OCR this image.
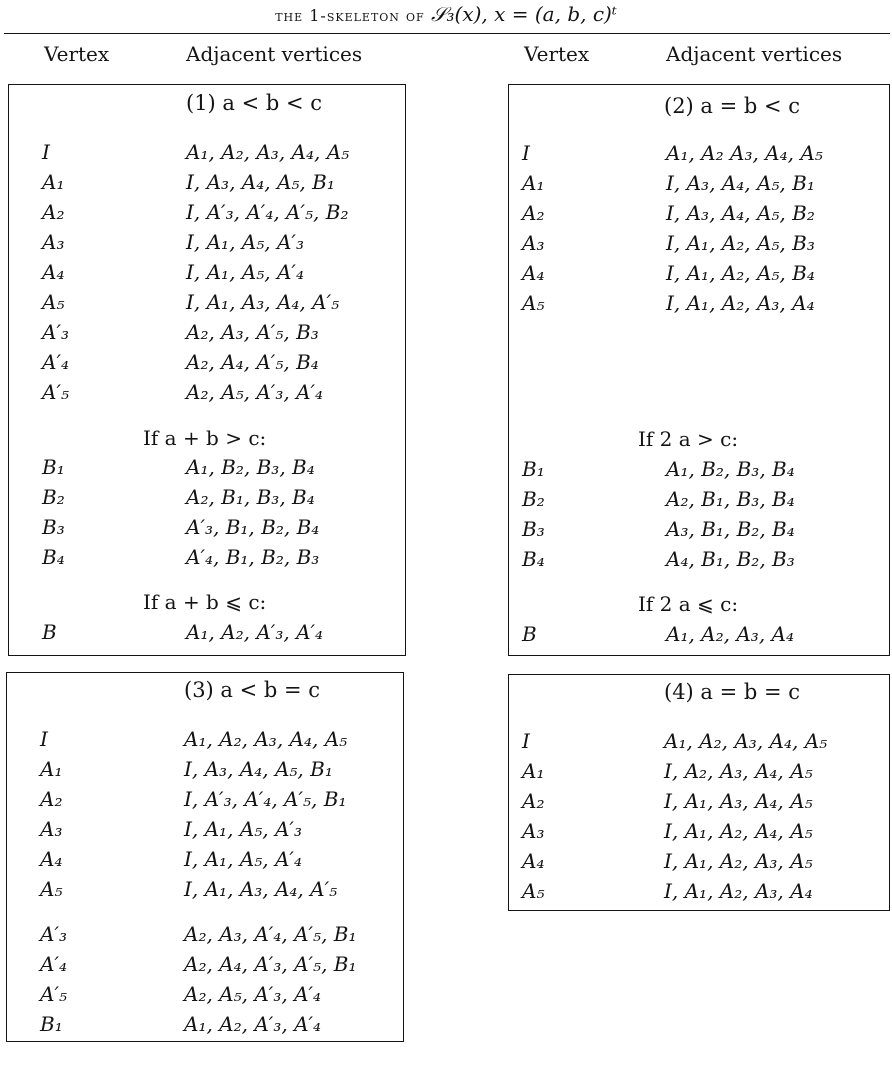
the 1-skeleton of 𝒮₃(x), x = (a, b, c)ᵗ
Vertex	Adjacent vertices	Vertex	Adjacent vertices
(1) a < b < c
I	A₁, A₂, A₃, A₄, A₅
A₁	I, A₃, A₄, A₅, B₁
A₂	I, A′₃, A′₄, A′₅, B₂
A₃	I, A₁, A₅, A′₃
A₄	I, A₁, A₅, A′₄
A₅	I, A₁, A₃, A₄, A′₅
A′₃	A₂, A₃, A′₅, B₃
A′₄	A₂, A₄, A′₅, B₄
A′₅	A₂, A₅, A′₃, A′₄
If a + b > c:
B₁	A₁, B₂, B₃, B₄
B₂	A₂, B₁, B₃, B₄
B₃	A′₃, B₁, B₂, B₄
B₄	A′₄, B₁, B₂, B₃
If a + b ⩽ c:
B	A₁, A₂, A′₃, A′₄
(2) a = b < c
I	A₁, A₂ A₃, A₄, A₅
A₁	I, A₃, A₄, A₅, B₁
A₂	I, A₃, A₄, A₅, B₂
A₃	I, A₁, A₂, A₅, B₃
A₄	I, A₁, A₂, A₅, B₄
A₅	I, A₁, A₂, A₃, A₄
If 2 a > c:
B₁	A₁, B₂, B₃, B₄
B₂	A₂, B₁, B₃, B₄
B₃	A₃, B₁, B₂, B₄
B₄	A₄, B₁, B₂, B₃
If 2 a ⩽ c:
B	A₁, A₂, A₃, A₄
(3) a < b = c
I	A₁, A₂, A₃, A₄, A₅
A₁	I, A₃, A₄, A₅, B₁
A₂	I, A′₃, A′₄, A′₅, B₁
A₃	I, A₁, A₅, A′₃
A₄	I, A₁, A₅, A′₄
A₅	I, A₁, A₃, A₄, A′₅
A′₃	A₂, A₃, A′₄, A′₅, B₁
A′₄	A₂, A₄, A′₃, A′₅, B₁
A′₅	A₂, A₅, A′₃, A′₄
B₁	A₁, A₂, A′₃, A′₄
(4) a = b = c
I	A₁, A₂, A₃, A₄, A₅
A₁	I, A₂, A₃, A₄, A₅
A₂	I, A₁, A₃, A₄, A₅
A₃	I, A₁, A₂, A₄, A₅
A₄	I, A₁, A₂, A₃, A₅
A₅	I, A₁, A₂, A₃, A₄
